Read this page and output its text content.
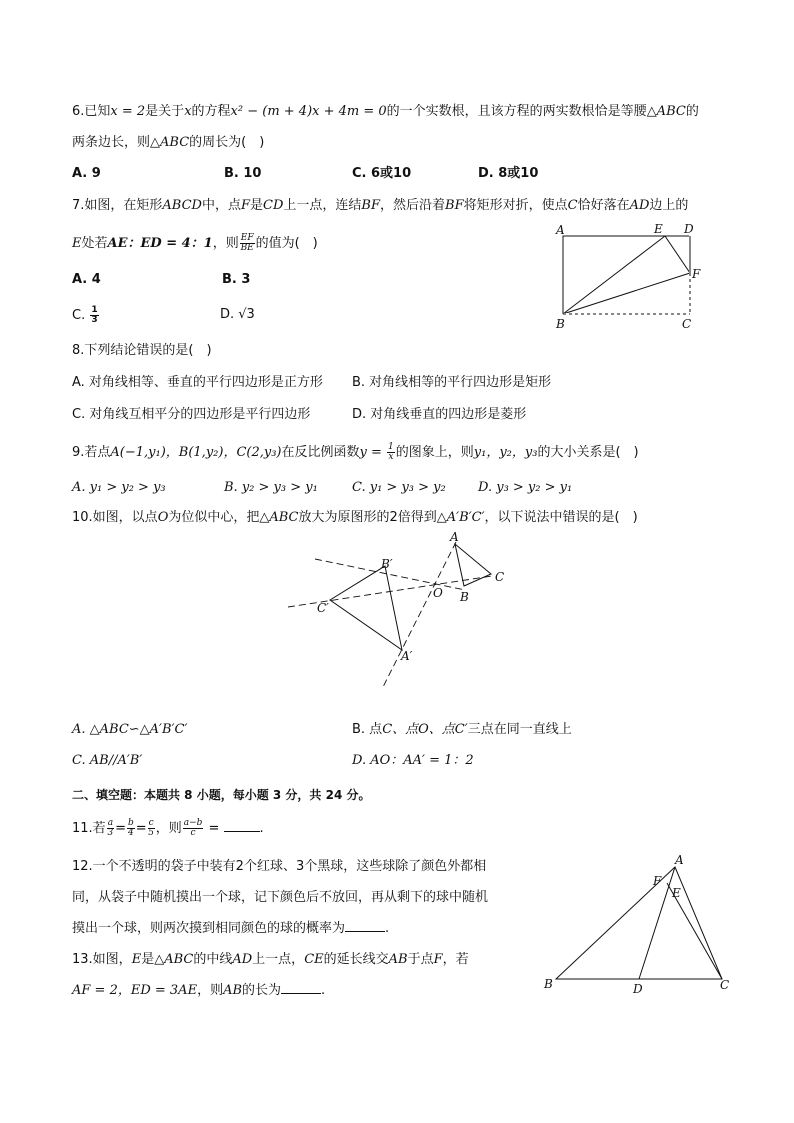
6.已知x = 2是关于x的方程x² − (m + 4)x + 4m = 0的一个实数根，且该方程的两实数根恰是等腰△ABC的
两条边长，则△ABC的周长为(　)
A. 9	B. 10	C. 6或10	D. 8或10
7.如图，在矩形ABCD中，点F是CD上一点，连结BF，然后沿着BF将矩形对折，使点C恰好落在AD边上的
E处若AE：ED = 4：1，则 $\frac{EF}{BE}$ 的值为(　)
A. 4	B. 3
C. $\frac{1}{3}$	D. √3
A	E D
F
B	C
8.下列结论错误的是(　)
A. 对角线相等、垂直的平行四边形是正方形 B. 对角线相等的平行四边形是矩形
C. 对角线互相平分的四边形是平行四边形	D. 对角线垂直的四边形是菱形
9.若点A(−1,y₁)，B(1,y₂)，C(2,y₃)在反比例函数$y = \frac{1}{x}$ 的图象上，则y₁，y₂，y₃的大小关系是(　)
A. y₁ > y₂ > y₃	B. y₂ > y₃ > y₁	C. y₁ > y₃ > y₂ D. y₃ > y₂ > y₁
10.如图，以点O为位似中心，把△ABC放大为原图形的2倍得到△A′B′C′，以下说法中错误的是(　)
A
C
B
O
B′
C′
A′
A. △ABC∽△A′B′C′	B. 点C、点O、点C′三点在同一直线上
C. AB//A′B′	D. AO：AA′ = 1：2
二、填空题：本题共 8 小题，每小题 3 分，共 24 分。
11.若 $\frac{a}{3} = \frac{b}{4} = \frac{c}{5}$ ，则 $\frac{a-b}{c}$ =	.
12.一个不透明的袋子中装有2个红球、3个黑球，这些球除了颜色外都相
同，从袋子中随机摸出一个球，记下颜色后不放回，再从剩下的球中随机
摸出一个球，则两次摸到相同颜色的球的概率为	.
13.如图，E是△ABC的中线AD上一点，CE的延长线交AB于点F，若
AF = 2，ED = 3AE，则AB的长为	.
A
F
E
B	D	C
